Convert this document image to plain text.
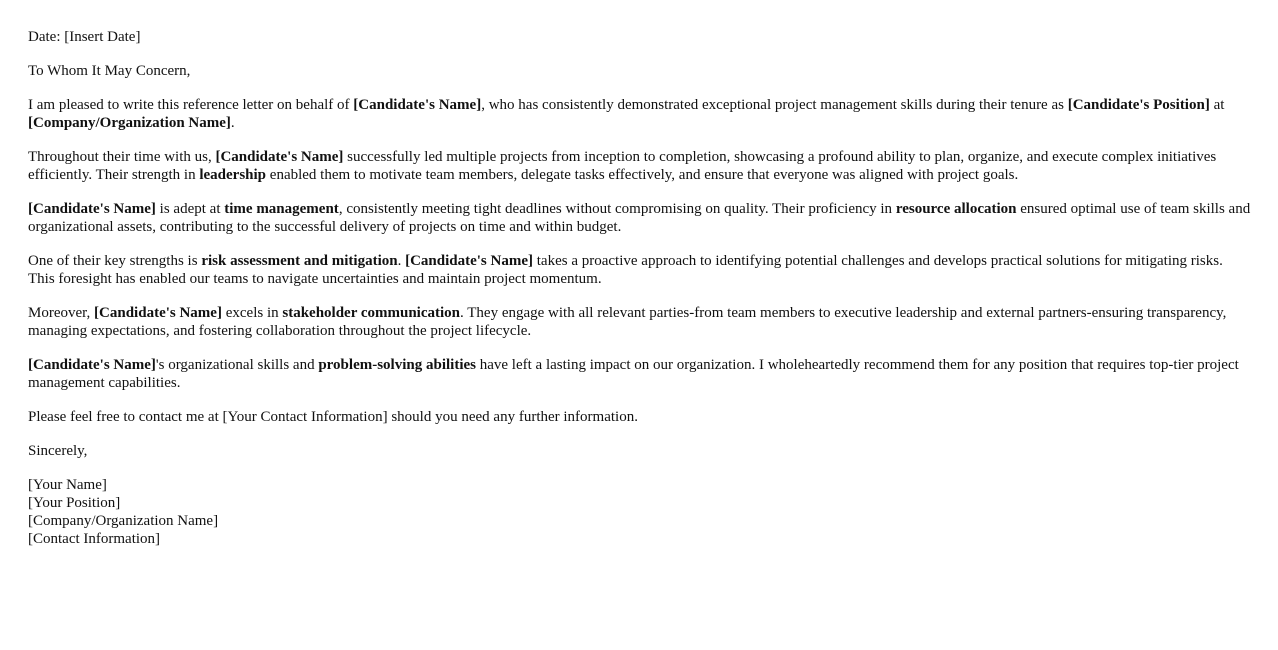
Date: [Insert Date]

To Whom It May Concern,

I am pleased to write this reference letter on behalf of [Candidate's Name], who has consistently demonstrated exceptional project management skills during their tenure as [Candidate's Position] at [Company/Organization Name].

Throughout their time with us, [Candidate's Name] successfully led multiple projects from inception to completion, showcasing a profound ability to plan, organize, and execute complex initiatives efficiently. Their strength in leadership enabled them to motivate team members, delegate tasks effectively, and ensure that everyone was aligned with project goals.

[Candidate's Name] is adept at time management, consistently meeting tight deadlines without compromising on quality. Their proficiency in resource allocation ensured optimal use of team skills and organizational assets, contributing to the successful delivery of projects on time and within budget.

One of their key strengths is risk assessment and mitigation. [Candidate's Name] takes a proactive approach to identifying potential challenges and develops practical solutions for mitigating risks. This foresight has enabled our teams to navigate uncertainties and maintain project momentum.

Moreover, [Candidate's Name] excels in stakeholder communication. They engage with all relevant parties-from team members to executive leadership and external partners-ensuring transparency, managing expectations, and fostering collaboration throughout the project lifecycle.

[Candidate's Name]'s organizational skills and problem-solving abilities have left a lasting impact on our organization. I wholeheartedly recommend them for any position that requires top-tier project management capabilities.

Please feel free to contact me at [Your Contact Information] should you need any further information.

Sincerely,

[Your Name]
[Your Position]
[Company/Organization Name]
[Contact Information]
